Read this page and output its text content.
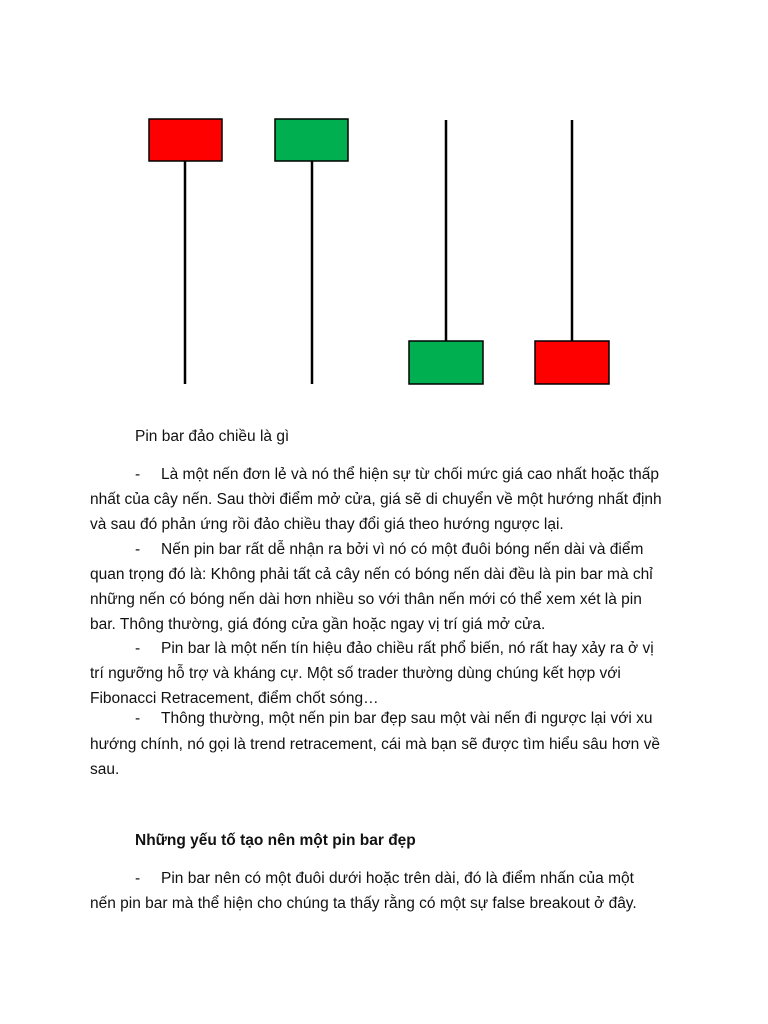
Pin bar đảo chiều là gì
- Là một nến đơn lẻ và nó thể hiện sự từ chối mức giá cao nhất hoặc thấp
nhất của cây nến. Sau thời điểm mở cửa, giá sẽ di chuyển về một hướng nhất định
và sau đó phản ứng rồi đảo chiều thay đổi giá theo hướng ngược lại.
- Nến pin bar rất dễ nhận ra bởi vì nó có một đuôi bóng nến dài và điểm
quan trọng đó là: Không phải tất cả cây nến có bóng nến dài đều là pin bar mà chỉ
những nến có bóng nến dài hơn nhiều so với thân nến mới có thể xem xét là pin
bar. Thông thường, giá đóng cửa gần hoặc ngay vị trí giá mở cửa.
- Pin bar là một nến tín hiệu đảo chiều rất phổ biến, nó rất hay xảy ra ở vị
trí ngưỡng hỗ trợ và kháng cự. Một số trader thường dùng chúng kết hợp với
Fibonacci Retracement, điểm chốt sóng…
- Thông thường, một nến pin bar đẹp sau một vài nến đi ngược lại với xu
hướng chính, nó gọi là trend retracement, cái mà bạn sẽ được tìm hiểu sâu hơn về
sau.
Những yếu tố tạo nên một pin bar đẹp
- Pin bar nên có một đuôi dưới hoặc trên dài, đó là điểm nhấn của một
nến pin bar mà thể hiện cho chúng ta thấy rằng có một sự false breakout ở đây.
